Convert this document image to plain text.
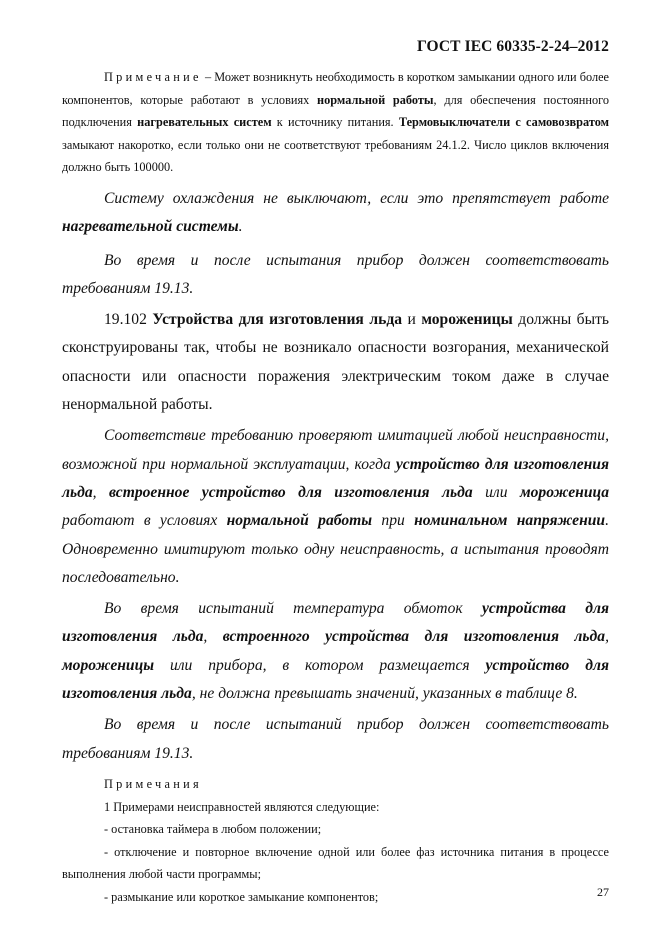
ГОСТ IEC 60335-2-24–2012

Примечание – Может возникнуть необходимость в коротком замыкании одного или более компонентов, которые работают в условиях нормальной работы, для обеспечения постоянного подключения нагревательных систем к источнику питания. Термовыключатели с самовозвратом замыкают накоротко, если только они не соответствуют требованиям 24.1.2. Число циклов включения должно быть 100000.

Систему охлаждения не выключают, если это препятствует работе нагревательной системы.

Во время и после испытания прибор должен соответствовать требованиям 19.13.

19.102 Устройства для изготовления льда и мороженицы должны быть сконструированы так, чтобы не возникало опасности возгорания, механической опасности или опасности поражения электрическим током даже в случае ненормальной работы.

Соответствие требованию проверяют имитацией любой неисправности, возможной при нормальной эксплуатации, когда устройство для изготовления льда, встроенное устройство для изготовления льда или мороженица работают в условиях нормальной работы при номинальном напряжении. Одновременно имитируют только одну неисправность, а испытания проводят последовательно.

Во время испытаний температура обмоток устройства для изготовления льда, встроенного устройства для изготовления льда, мороженицы или прибора, в котором размещается устройство для изготовления льда, не должна превышать значений, указанных в таблице 8.

Во время и после испытаний прибор должен соответствовать требованиям 19.13.

Примечания

1 Примерами неисправностей являются следующие:

- остановка таймера в любом положении;

- отключение и повторное включение одной или более фаз источника питания в процессе выполнения любой части программы;

- размыкание или короткое замыкание компонентов;	27
